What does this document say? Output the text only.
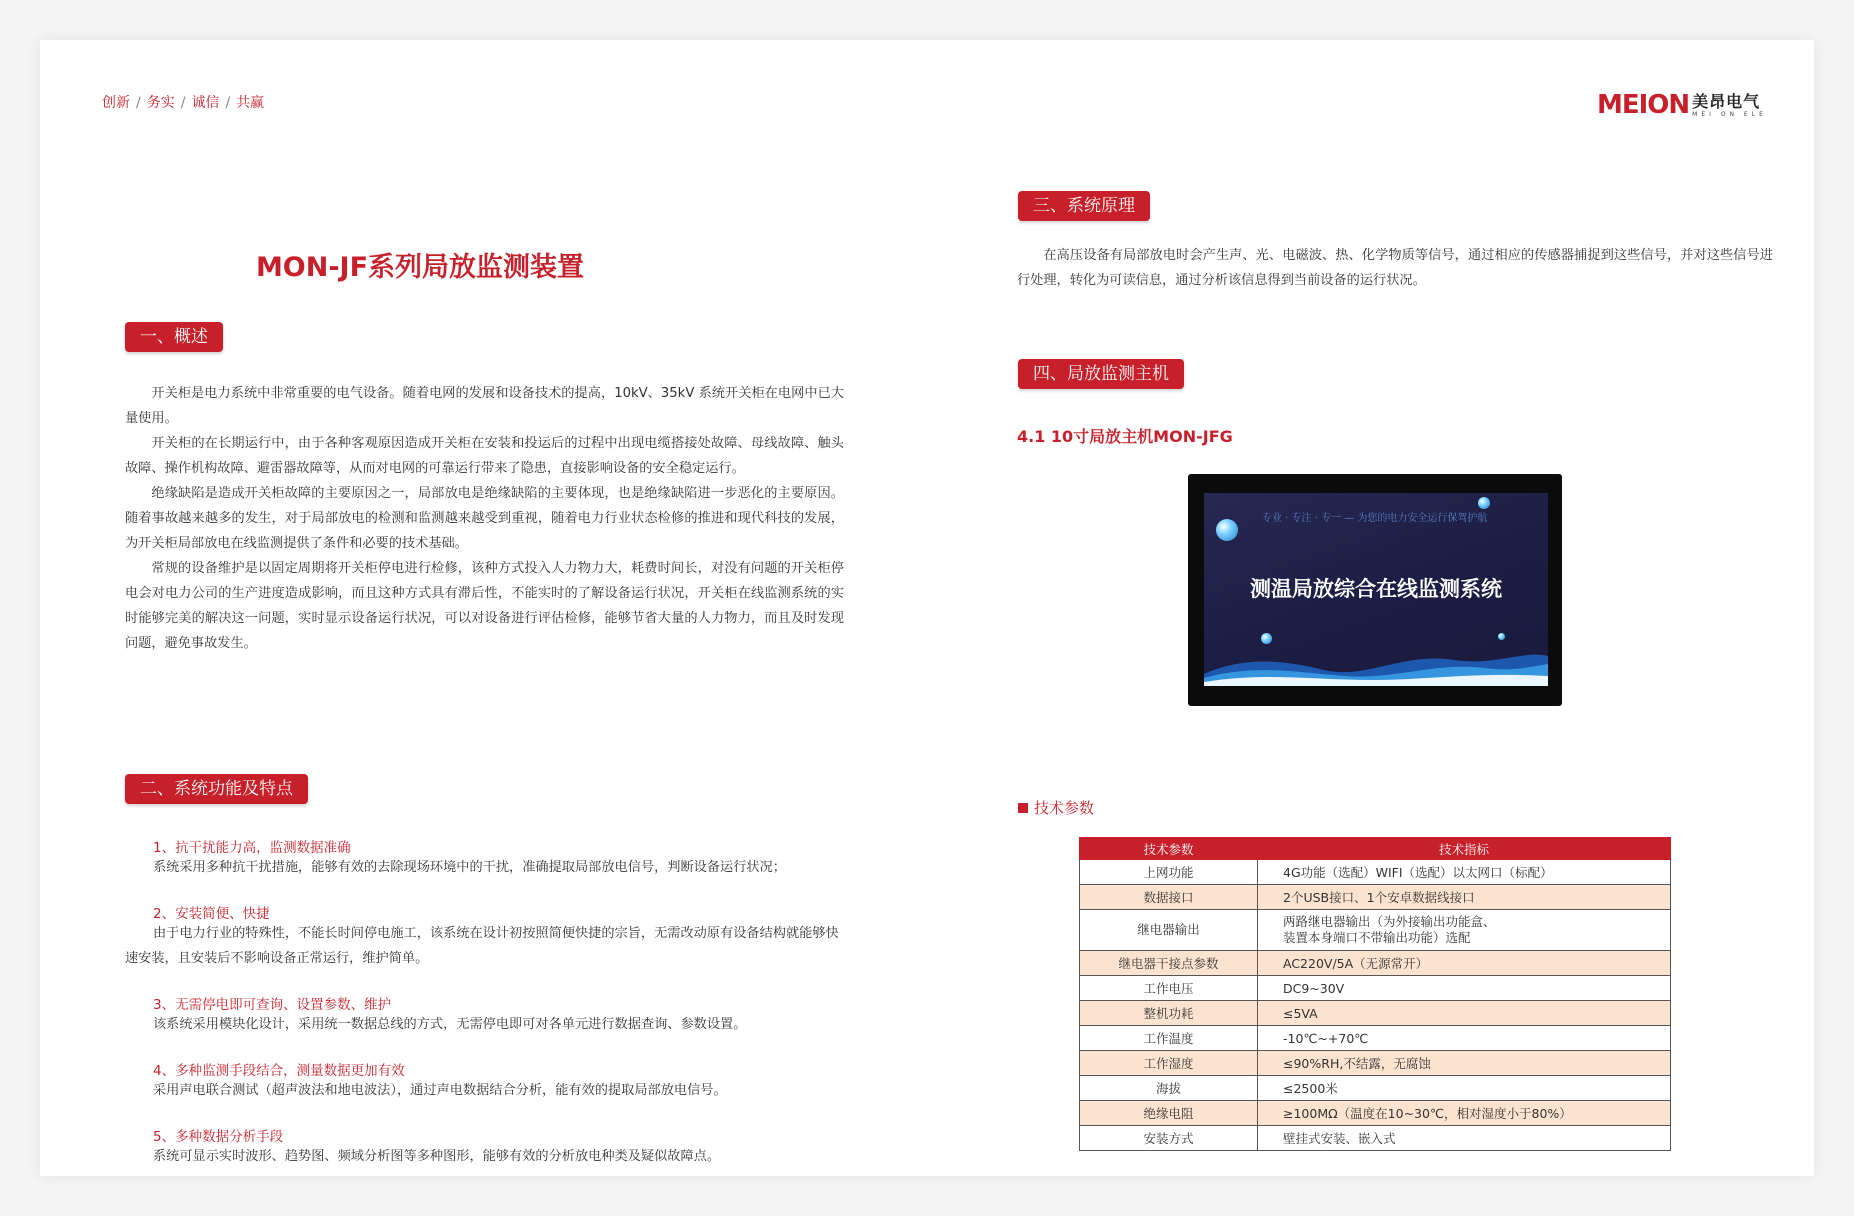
创新 / 务实 / 诚信 / 共赢	MEION 美昂电气
MEI ON ELE
MON-JF系列局放监测装置
一、概述

开关柜是电力系统中非常重要的电气设备。随着电网的发展和设备技术的提高，10kV、35kV 系统开关柜在电网中已大量使用。

开关柜的在长期运行中，由于各种客观原因造成开关柜在安装和投运后的过程中出现电缆搭接处故障、母线故障、触头故障、操作机构故障、避雷器故障等，从而对电网的可靠运行带来了隐患，直接影响设备的安全稳定运行。

绝缘缺陷是造成开关柜故障的主要原因之一，局部放电是绝缘缺陷的主要体现，也是绝缘缺陷进一步恶化的主要原因。随着事故越来越多的发生，对于局部放电的检测和监测越来越受到重视，随着电力行业状态检修的推进和现代科技的发展，为开关柜局部放电在线监测提供了条件和必要的技术基础。

常规的设备维护是以固定周期将开关柜停电进行检修，该种方式投入人力物力大，耗费时间长，对没有问题的开关柜停电会对电力公司的生产进度造成影响，而且这种方式具有滞后性，不能实时的了解设备运行状况，开关柜在线监测系统的实时能够完美的解决这一问题，实时显示设备运行状况，可以对设备进行评估检修，能够节省大量的人力物力，而且及时发现问题，避免事故发生。

二、系统功能及特点
1、抗干扰能力高，监测数据准确
系统采用多种抗干扰措施，能够有效的去除现场环境中的干扰，准确提取局部放电信号，判断设备运行状况；
2、安装简便、快捷
由于电力行业的特殊性，不能长时间停电施工，该系统在设计初按照简便快捷的宗旨，无需改动原有设备结构就能够快速安装，且安装后不影响设备正常运行，维护简单。
3、无需停电即可查询、设置参数、维护
该系统采用模块化设计，采用统一数据总线的方式，无需停电即可对各单元进行数据查询、参数设置。
4、多种监测手段结合，测量数据更加有效
采用声电联合测试（超声波法和地电波法），通过声电数据结合分析，能有效的提取局部放电信号。
5、多种数据分析手段
系统可显示实时波形、趋势图、频域分析图等多种图形，能够有效的分析放电种类及疑似故障点。
三、系统原理

在高压设备有局部放电时会产生声、光、电磁波、热、化学物质等信号，通过相应的传感器捕捉到这些信号，并对这些信号进行处理，转化为可读信息，通过分析该信息得到当前设备的运行状况。

四、局放监测主机
4.1 10寸局放主机MON-JFG
专业 · 专注 · 专一 — 为您的电力安全运行保驾护航
测温局放综合在线监测系统
技术参数
技术参数	技术指标
上网功能	4G功能（选配）WIFI（选配）以太网口（标配）
数据接口	2个USB接口、1个安卓数据线接口
继电器输出	两路继电器输出（为外接输出功能盒、
装置本身端口不带输出功能）选配

继电器干接点参数	AC220V/5A（无源常开）
工作电压	DC9~30V
整机功耗	≤5VA
工作温度	-10℃~+70℃
工作湿度	≤90%RH,不结露，无腐蚀
海拔	≤2500米
绝缘电阻	≥100MΩ（温度在10~30℃，相对湿度小于80%）
安装方式	壁挂式安装、嵌入式
